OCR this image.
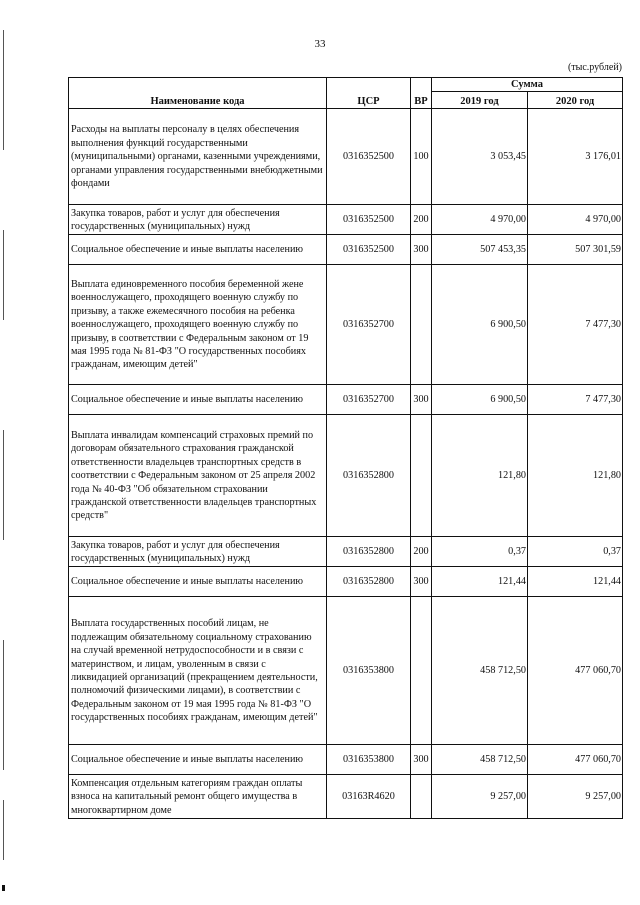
33
(тыс.рублей)
Наименование кода	ЦСР	ВР	Сумма	
			2019 год	2020 год
Расходы на выплаты персоналу в целях обеспечения выполнения функций государственными (муниципальными) органами, казенными учреждениями, органами управления государственными внебюджетными фондами	0316352500	100	3 053,45	3 176,01
Закупка товаров, работ и услуг для обеспечения государственных (муниципальных) нужд	0316352500	200	4 970,00	4 970,00
Социальное обеспечение и иные выплаты населению	0316352500	300	507 453,35	507 301,59
Выплата единовременного пособия беременной жене военнослужащего, проходящего военную службу по призыву, а также ежемесячного пособия на ребенка военнослужащего, проходящего военную службу по призыву, в соответствии с Федеральным законом от 19 мая 1995 года № 81-ФЗ "О государственных пособиях гражданам, имеющим детей"	0316352700		6 900,50	7 477,30
Социальное обеспечение и иные выплаты населению	0316352700	300	6 900,50	7 477,30
Выплата инвалидам компенсаций страховых премий по договорам обязательного страхования гражданской ответственности владельцев транспортных средств в соответствии с Федеральным законом от 25 апреля 2002 года № 40-ФЗ "Об обязательном страховании гражданской ответственности владельцев транспортных средств"	0316352800		121,80	121,80
Закупка товаров, работ и услуг для обеспечения государственных (муниципальных) нужд	0316352800	200	0,37	0,37
Социальное обеспечение и иные выплаты населению	0316352800	300	121,44	121,44
Выплата государственных пособий лицам, не подлежащим обязательному социальному страхованию на случай временной нетрудоспособности и в связи с материнством, и лицам, уволенным в связи с ликвидацией организаций (прекращением деятельности, полномочий физическими лицами), в соответствии с Федеральным законом от 19 мая 1995 года № 81-ФЗ "О государственных пособиях гражданам, имеющим детей"	0316353800		458 712,50	477 060,70
Социальное обеспечение и иные выплаты населению	0316353800	300	458 712,50	477 060,70
Компенсация отдельным категориям граждан оплаты взноса на капитальный ремонт общего имущества в многоквартирном доме	03163R4620		9 257,00	9 257,00
